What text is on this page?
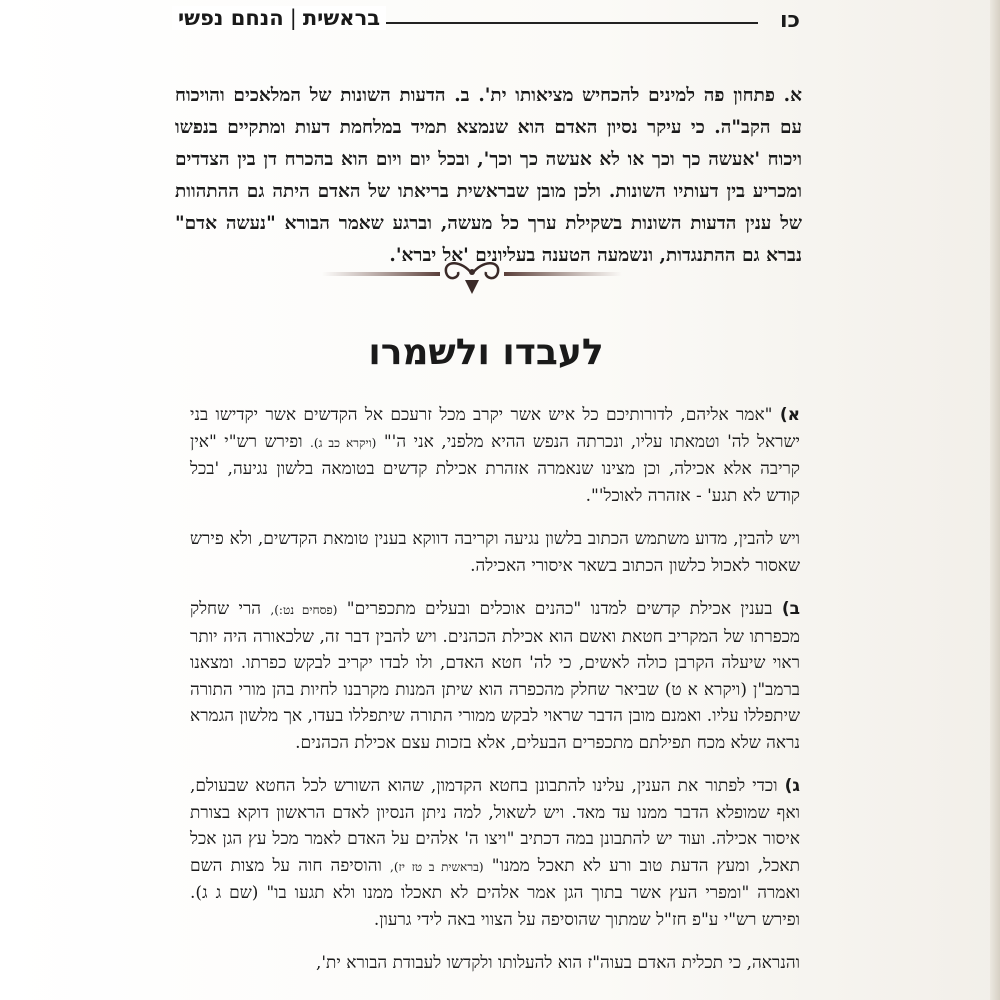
כו
בראשית|הנחם נפשי

א. פתחון פה למינים להכחיש מציאותו ית'. ב. הדעות השונות של המלאכים והויכוח עם הקב"ה. כי עיקר נסיון האדם הוא שנמצא תמיד במלחמת דעות ומתקיים בנפשו ויכוח 'אעשה כך וכך או לא אעשה כך וכך', ובכל יום ויום הוא בהכרח דן בין הצדדים ומכריע בין דעותיו השונות. ולכן מובן שבראשית בריאתו של האדם היתה גם ההתהוות של ענין הדעות השונות בשקילת ערך כל מעשה, וברגע שאמר הבורא "נעשה אדם" נברא גם ההתנגדות, ונשמעה הטענה בעליונים 'אל יברא'.

לעבדו ולשמרו

א) "אמר אליהם, לדורותיכם כל איש אשר יקרב מכל זרעכם אל הקדשים אשר יקדישו בני ישראל לה' וטמאתו עליו, ונכרתה הנפש ההיא מלפני, אני ה'" (ויקרא כב ג). ופירש רש"י "אין קריבה אלא אכילה, וכן מצינו שנאמרה אזהרת אכילת קדשים בטומאה בלשון נגיעה, 'בכל קודש לא תגע' - אזהרה לאוכל'".

ויש להבין, מדוע משתמש הכתוב בלשון נגיעה וקריבה דווקא בענין טומאת הקדשים, ולא פירש שאסור לאכול כלשון הכתוב בשאר איסורי האכילה.

ב) בענין אכילת קדשים למדנו "כהנים אוכלים ובעלים מתכפרים" (פסחים נט:), הרי שחלק מכפרתו של המקריב חטאת ואשם הוא אכילת הכהנים. ויש להבין דבר זה, שלכאורה היה יותר ראוי שיעלה הקרבן כולה לאשים, כי לה' חטא האדם, ולו לבדו יקריב לבקש כפרתו. ומצאנו ברמב"ן (ויקרא א ט) שביאר שחלק מהכפרה הוא שיתן המנות מקרבנו לחיות בהן מורי התורה שיתפללו עליו. ואמנם מובן הדבר שראוי לבקש ממורי התורה שיתפללו בעדו, אך מלשון הגמרא נראה שלא מכח תפילתם מתכפרים הבעלים, אלא בזכות עצם אכילת הכהנים.

ג) וכדי לפתור את הענין, עלינו להתבונן בחטא הקדמון, שהוא השורש לכל החטא שבעולם, ואף שמופלא הדבר ממנו עד מאד. ויש לשאול, למה ניתן הנסיון לאדם הראשון דוקא בצורת איסור אכילה. ועוד יש להתבונן במה דכתיב "ויצו ה' אלהים על האדם לאמר מכל עץ הגן אכל תאכל, ומעץ הדעת טוב ורע לא תאכל ממנו" (בראשית ב טז יז), והוסיפה חוה על מצות השם ואמרה "ומפרי העץ אשר בתוך הגן אמר אלהים לא תאכלו ממנו ולא תגעו בו" (שם ג ג). ופירש רש"י ע"פ חז"ל שמתוך שהוסיפה על הצווי באה לידי גרעון.

והנראה, כי תכלית האדם בעוה"ז הוא להעלותו ולקדשו לעבודת הבורא ית',
